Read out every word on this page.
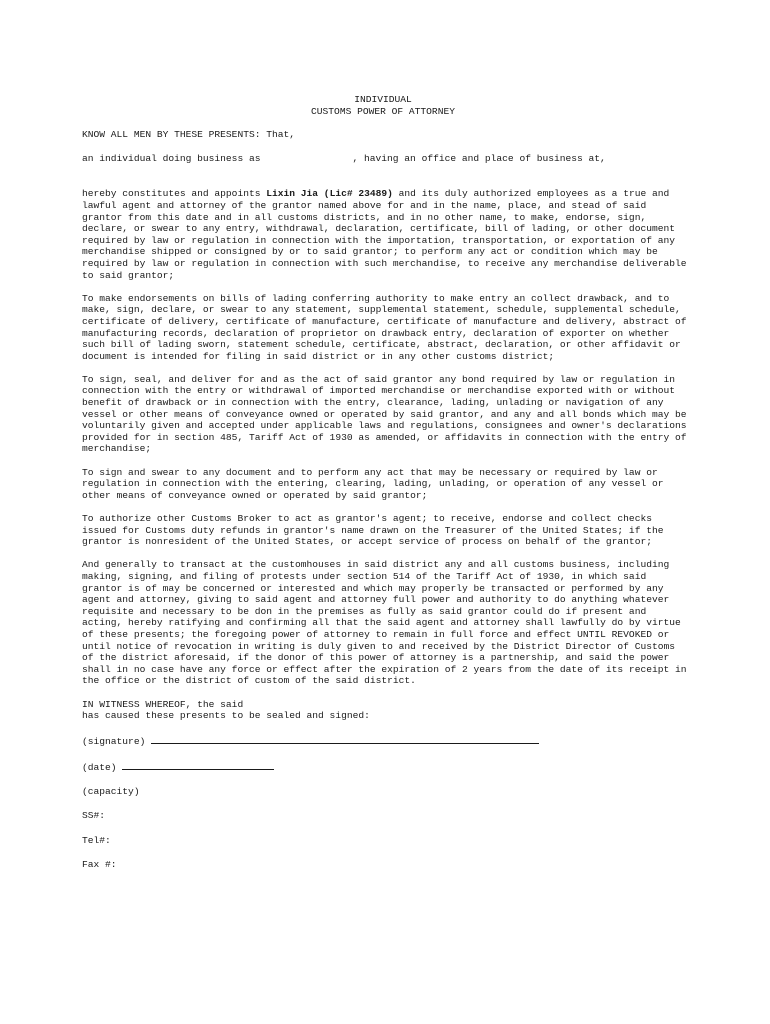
INDIVIDUAL
CUSTOMS POWER OF ATTORNEY

KNOW ALL MEN BY THESE PRESENTS: That,

an individual doing business as	, having an office and place of business at,

hereby constitutes and appoints Lixin Jia (Lic# 23489) and its duly authorized employees as a true and lawful agent and attorney of the grantor named above for and in the name, place, and stead of said grantor from this date and in all customs districts, and in no other name, to make, endorse, sign, declare, or swear to any entry, withdrawal, declaration, certificate, bill of lading, or other document required by law or regulation in connection with the importation, transportation, or exportation of any merchandise shipped or consigned by or to said grantor; to perform any act or condition which may be required by law or regulation in connection with such merchandise, to receive any merchandise deliverable to said grantor;

To make endorsements on bills of lading conferring authority to make entry an collect drawback, and to make, sign, declare, or swear to any statement, supplemental statement, schedule, supplemental schedule, certificate of delivery, certificate of manufacture, certificate of manufacture and delivery, abstract of manufacturing records, declaration of proprietor on drawback entry, declaration of exporter on whether such bill of lading sworn, statement schedule, certificate, abstract, declaration, or other affidavit or document is intended for filing in said district or in any other customs district;

To sign, seal, and deliver for and as the act of said grantor any bond required by law or regulation in connection with the entry or withdrawal of imported merchandise or merchandise exported with or without benefit of drawback or in connection with the entry, clearance, lading, unlading or navigation of any vessel or other means of conveyance owned or operated by said grantor, and any and all bonds which may be voluntarily given and accepted under applicable laws and regulations, consignees and owner's declarations provided for in section 485, Tariff Act of 1930 as amended, or affidavits in connection with the entry of merchandise;

To sign and swear to any document and to perform any act that may be necessary or required by law or regulation in connection with the entering, clearing, lading, unlading, or operation of any vessel or other means of conveyance owned or operated by said grantor;

To authorize other Customs Broker to act as grantor's agent; to receive, endorse and collect checks issued for Customs duty refunds in grantor's name drawn on the Treasurer of the United States; if the grantor is nonresident of the United States, or accept service of process on behalf of the grantor;

And generally to transact at the customhouses in said district any and all customs business, including making, signing, and filing of protests under section 514 of the Tariff Act of 1930, in which said grantor is of may be concerned or interested and which may properly be transacted or performed by any agent and attorney, giving to said agent and attorney full power and authority to do anything whatever requisite and necessary to be don in the premises as fully as said grantor could do if present and acting, hereby ratifying and confirming all that the said agent and attorney shall lawfully do by virtue of these presents; the foregoing power of attorney to remain in full force and effect UNTIL REVOKED or until notice of revocation in writing is duly given to and received by the District Director of Customs of the district aforesaid, if the donor of this power of attorney is a partnership, and said the power shall in no case have any force or effect after the expiration of 2 years from the date of its receipt in the office or the district of custom of the said district.

IN WITNESS WHEREOF, the said

has caused these presents to be sealed and signed:

(signature)
(date)
(capacity)
SS#:
Tel#:
Fax #:
